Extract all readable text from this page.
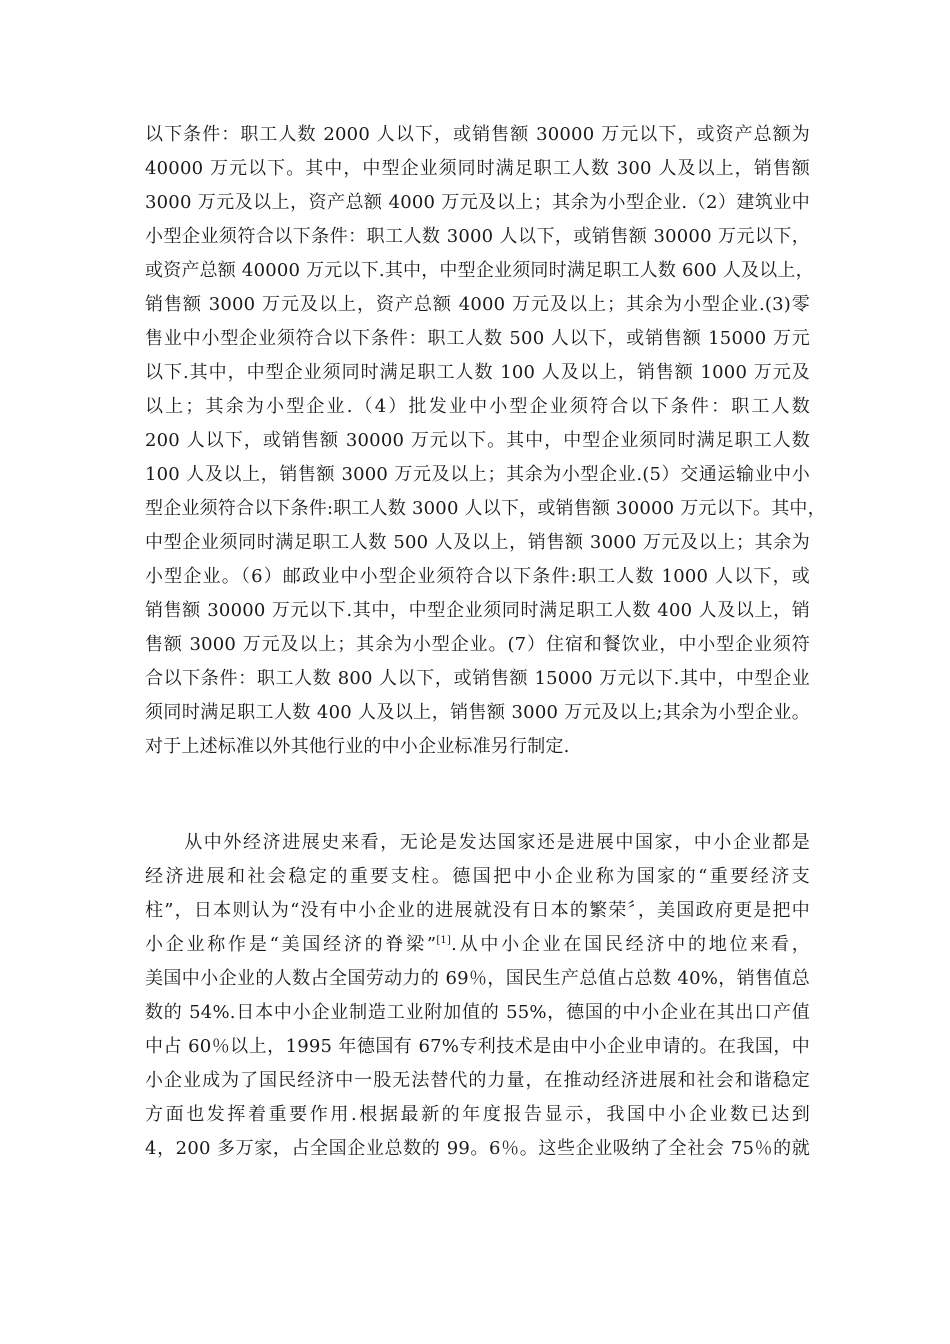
以下条件：职工人数 2000 人以下，或销售额 30000 万元以下，或资产总额为
40000 万元以下。其中，中型企业须同时满足职工人数 300 人及以上，销售额
3000 万元及以上，资产总额 4000 万元及以上；其余为小型企业.（2）建筑业中
小型企业须符合以下条件：职工人数 3000 人以下，或销售额 30000 万元以下，
或资产总额 40000 万元以下.其中，中型企业须同时满足职工人数 600 人及以上，
销售额 3000 万元及以上，资产总额 4000 万元及以上；其余为小型企业.(3)零
售业中小型企业须符合以下条件：职工人数 500 人以下，或销售额 15000 万元
以下.其中，中型企业须同时满足职工人数 100 人及以上，销售额 1000 万元及
以上；其余为小型企业.（4）批发业中小型企业须符合以下条件：职工人数
200 人以下，或销售额 30000 万元以下。其中，中型企业须同时满足职工人数
100 人及以上，销售额 3000 万元及以上；其余为小型企业.(5）交通运输业中小
型企业须符合以下条件:职工人数 3000 人以下，或销售额 30000 万元以下。其中，
中型企业须同时满足职工人数 500 人及以上，销售额 3000 万元及以上；其余为
小型企业。（6）邮政业中小型企业须符合以下条件:职工人数 1000 人以下，或
销售额 30000 万元以下.其中，中型企业须同时满足职工人数 400 人及以上，销
售额 3000 万元及以上；其余为小型企业。(7）住宿和餐饮业，中小型企业须符
合以下条件：职工人数 800 人以下，或销售额 15000 万元以下.其中，中型企业
须同时满足职工人数 400 人及以上，销售额 3000 万元及以上;其余为小型企业。
对于上述标准以外其他行业的中小企业标准另行制定.
　　从中外经济进展史来看，无论是发达国家还是进展中国家，中小企业都是
经济进展和社会稳定的重要支柱。德国把中小企业称为国家的“重要经济支
柱”，日本则认为“没有中小企业的进展就没有日本的繁荣〞，美国政府更是把中
小企业称作是“美国经济的脊梁”[1].从中小企业在国民经济中的地位来看，
美国中小企业的人数占全国劳动力的 69％，国民生产总值占总数 40%，销售值总
数的 54%.日本中小企业制造工业附加值的 55%，德国的中小企业在其出口产值
中占 60％以上，1995 年德国有 67%专利技术是由中小企业申请的。在我国，中
小企业成为了国民经济中一股无法替代的力量，在推动经济进展和社会和谐稳定
方面也发挥着重要作用.根据最新的年度报告显示，我国中小企业数已达到
4，200 多万家，占全国企业总数的 99。6％。这些企业吸纳了全社会 75％的就
